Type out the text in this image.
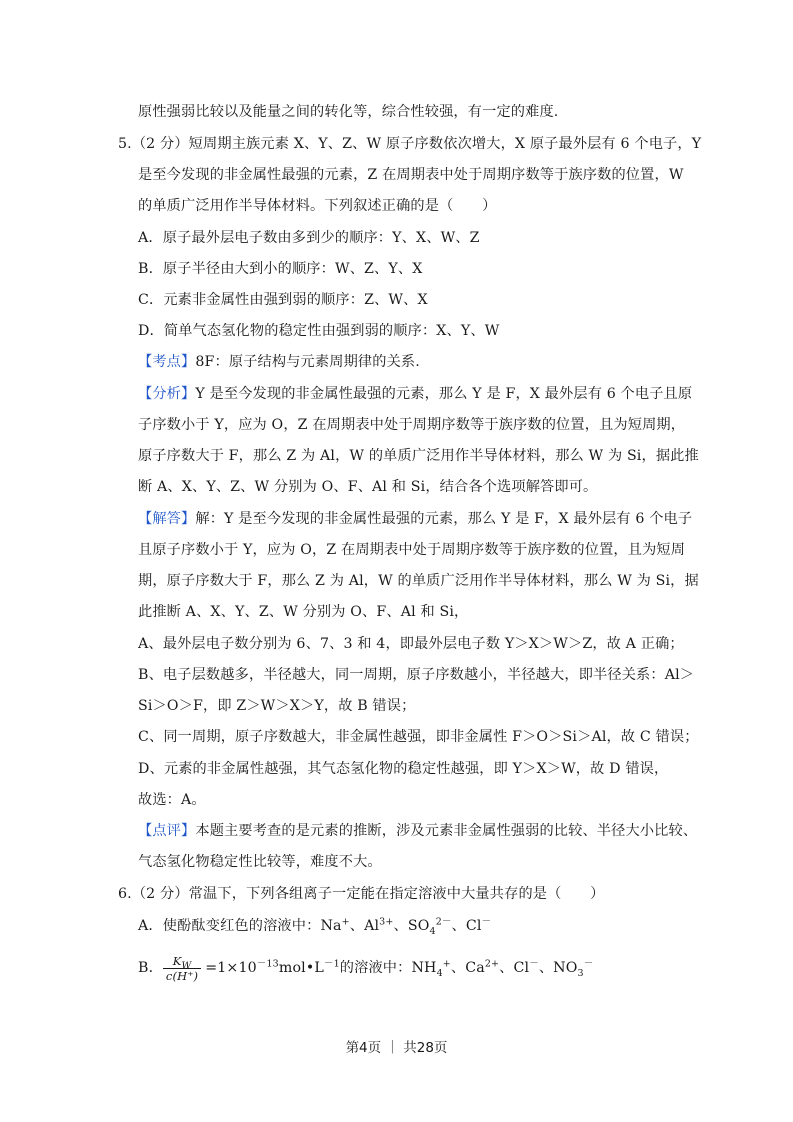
原性强弱比较以及能量之间的转化等，综合性较强，有一定的难度.
5.（2 分）短周期主族元素 X、Y、Z、W 原子序数依次增大，X 原子最外层有 6 个电子，Y
是至今发现的非金属性最强的元素，Z 在周期表中处于周期序数等于族序数的位置，W
的单质广泛用作半导体材料。下列叙述正确的是（　　）
A．原子最外层电子数由多到少的顺序：Y、X、W、Z
B．原子半径由大到小的顺序：W、Z、Y、X
C．元素非金属性由强到弱的顺序：Z、W、X
D．简单气态氢化物的稳定性由强到弱的顺序：X、Y、W
【考点】8F：原子结构与元素周期律的关系.
【分析】Y 是至今发现的非金属性最强的元素，那么 Y 是 F，X 最外层有 6 个电子且原
子序数小于 Y，应为 O，Z 在周期表中处于周期序数等于族序数的位置，且为短周期，
原子序数大于 F，那么 Z 为 Al，W 的单质广泛用作半导体材料，那么 W 为 Si，据此推
断 A、X、Y、Z、W 分别为 O、F、Al 和 Si，结合各个选项解答即可。
【解答】解：Y 是至今发现的非金属性最强的元素，那么 Y 是 F，X 最外层有 6 个电子
且原子序数小于 Y，应为 O，Z 在周期表中处于周期序数等于族序数的位置，且为短周
期，原子序数大于 F，那么 Z 为 Al，W 的单质广泛用作半导体材料，那么 W 为 Si，据
此推断 A、X、Y、Z、W 分别为 O、F、Al 和 Si，
A、最外层电子数分别为 6、7、3 和 4，即最外层电子数 Y＞X＞W＞Z，故 A 正确；
B、电子层数越多，半径越大，同一周期，原子序数越小，半径越大，即半径关系：Al＞
Si＞O＞F，即 Z＞W＞X＞Y，故 B 错误；
C、同一周期，原子序数越大，非金属性越强，即非金属性 F＞O＞Si＞Al，故 C 错误；
D、元素的非金属性越强，其气态氢化物的稳定性越强，即 Y＞X＞W，故 D 错误，
故选：A。
【点评】本题主要考查的是元素的推断，涉及元素非金属性强弱的比较、半径大小比较、
气态氢化物稳定性比较等，难度不大。
6.（2 分）常温下，下列各组离子一定能在指定溶液中大量共存的是（　　）
A．使酚酞变红色的溶液中：Na+、$Al^{3+}$、$SO_4^{2-}$、Cl－
B． $\frac{K_W}{c(H^+)}$ $=1\times 10^{-13}mol•L^{-1}$的溶液中：$NH_4^+$、$Ca^{2+}$、Cl－、$NO_3^-$
第4页 ｜ 共28页
